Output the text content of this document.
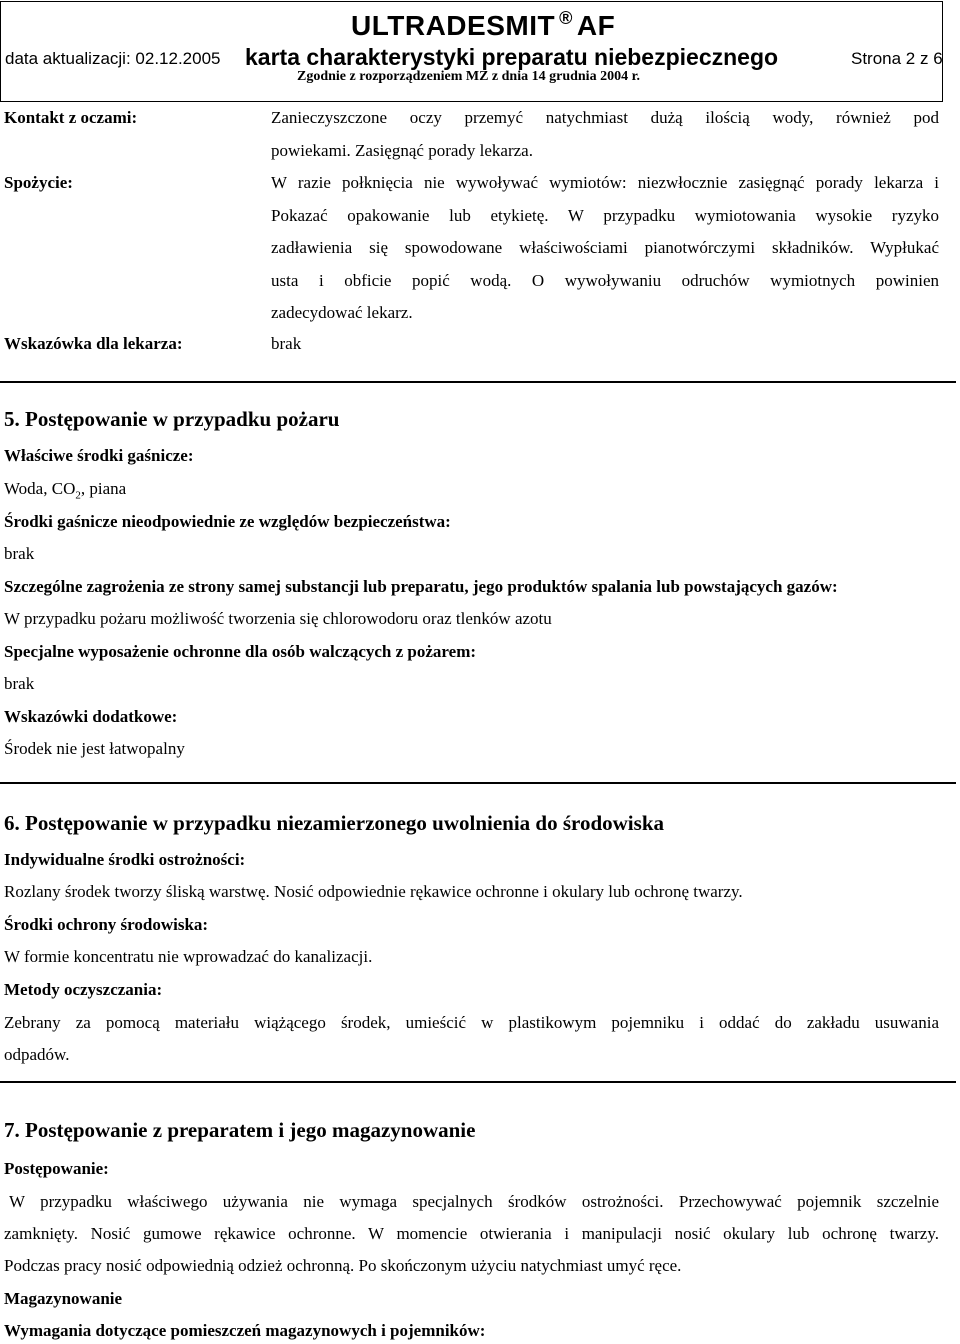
data aktualizacji: 02.12.2005
ULTRADESMIT ® AF
karta charakterystyki preparatu niebezpiecznego	Strona 2 z 6
Zgodnie z rozporządzeniem MZ z dnia 14 grudnia 2004 r.
Kontakt z oczami:	Zanieczyszczone oczy przemyć natychmiast dużą ilością wody, również pod
powiekami. Zasięgnąć porady lekarza.
Spożycie:	W razie połknięcia nie wywoływać wymiotów: niezwłocznie zasięgnąć porady lekarza i
Pokazać opakowanie lub etykietę. W przypadku wymiotowania wysokie ryzyko
zadławienia się spowodowane właściwościami pianotwórczymi składników. Wypłukać
usta i obficie popić wodą. O wywoływaniu odruchów wymiotnych powinien
zadecydować lekarz.
Wskazówka dla lekarza:	brak
5. Postępowanie w przypadku pożaru
Właściwe środki gaśnicze:
Woda, $CO_2$, piana
Środki gaśnicze nieodpowiednie ze względów bezpieczeństwa:
brak
Szczególne zagrożenia ze strony samej substancji lub preparatu, jego produktów spalania lub powstających gazów:
W przypadku pożaru możliwość tworzenia się chlorowodoru oraz tlenków azotu
Specjalne wyposażenie ochronne dla osób walczących z pożarem:
brak
Wskazówki dodatkowe:
Środek nie jest łatwopalny
6. Postępowanie w przypadku niezamierzonego uwolnienia do środowiska
Indywidualne środki ostrożności:
Rozlany środek tworzy śliską warstwę. Nosić odpowiednie rękawice ochronne i okulary lub ochronę twarzy.
Środki ochrony środowiska:
W formie koncentratu nie wprowadzać do kanalizacji.
Metody oczyszczania:
Zebrany za pomocą materiału wiążącego środek, umieścić w plastikowym pojemniku i oddać do zakładu usuwania
odpadów.
7. Postępowanie z preparatem i jego magazynowanie
Postępowanie:
W przypadku właściwego używania nie wymaga specjalnych środków ostrożności. Przechowywać pojemnik szczelnie
zamknięty. Nosić gumowe rękawice ochronne. W momencie otwierania i manipulacji nosić okulary lub ochronę twarzy.
Podczas pracy nosić odpowiednią odzież ochronną. Po skończonym użyciu natychmiast umyć ręce.
Magazynowanie
Wymagania dotyczące pomieszczeń magazynowych i pojemników:
